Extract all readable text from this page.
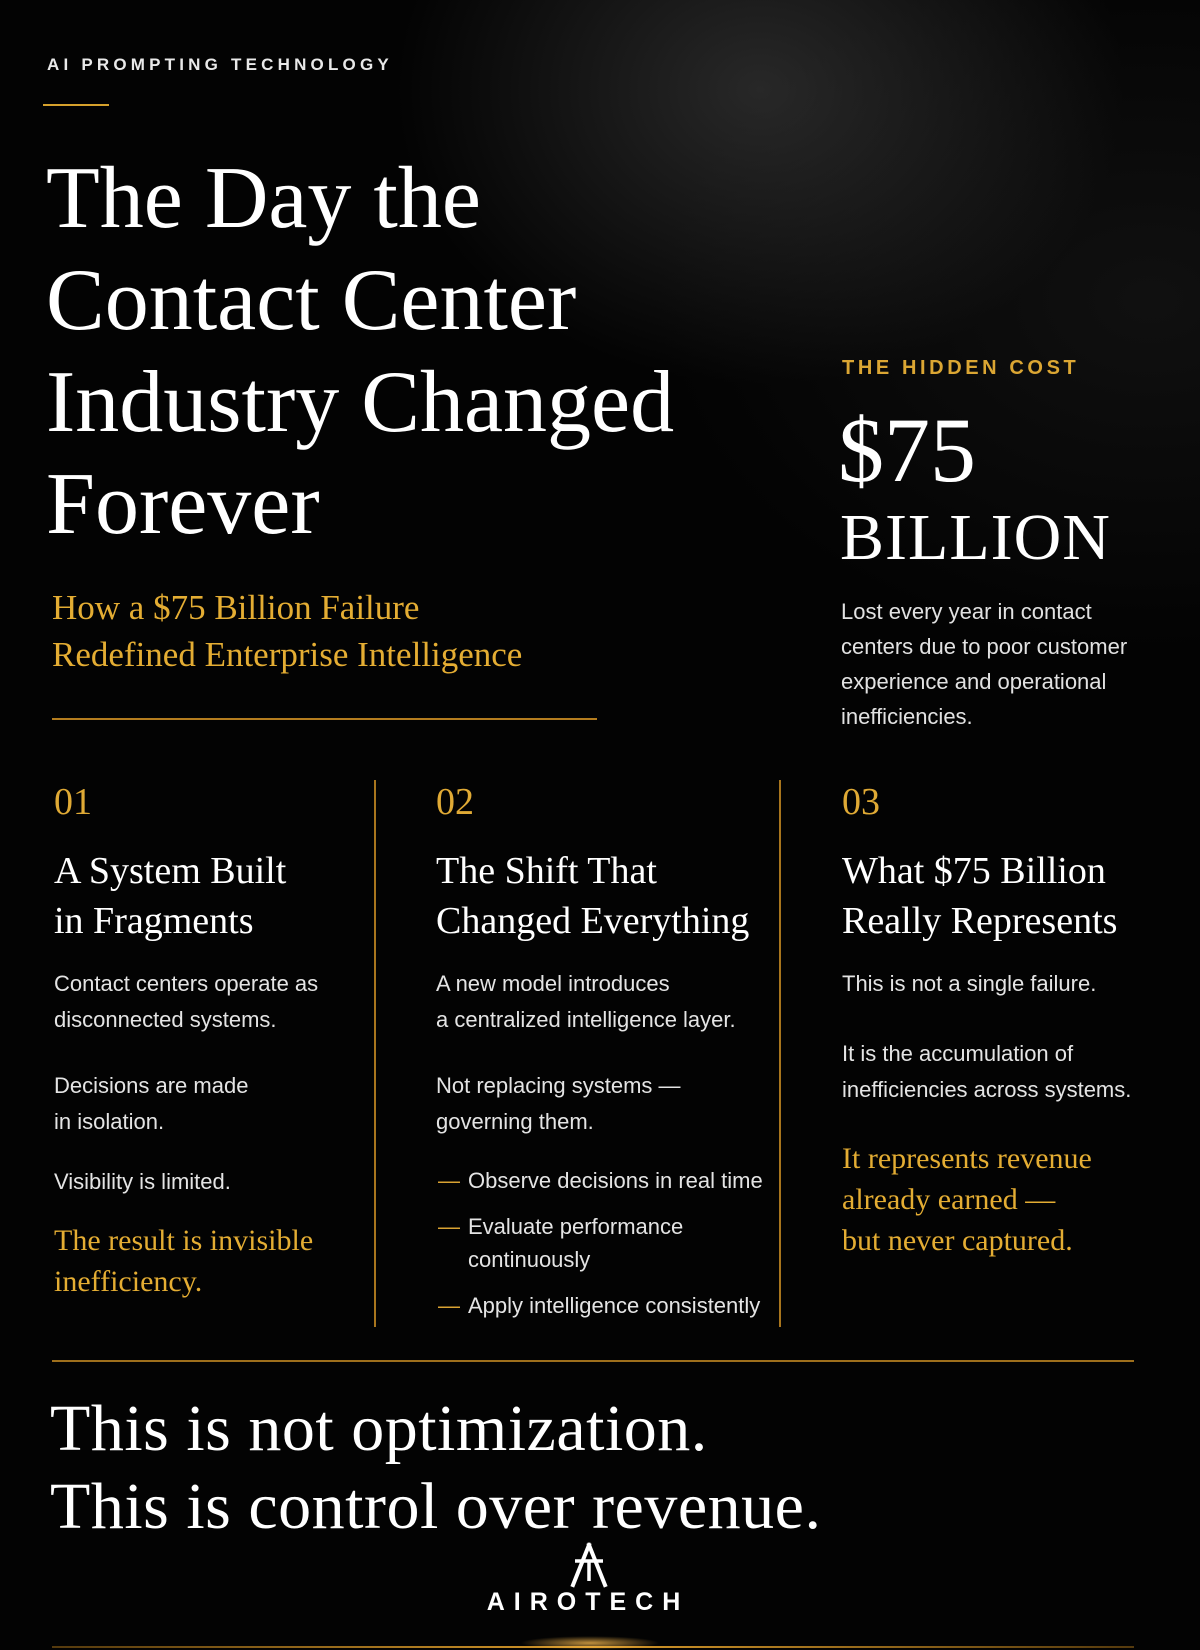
AI PROMPTING TECHNOLOGY
The Day the
Contact Center
Industry Changed
Forever
How a $75 Billion Failure
Redefined Enterprise Intelligence
THE HIDDEN COST
$75
BILLION
Lost every year in contact centers due to poor customer experience and operational inefficiencies.
01
A System Built
in Fragments
Contact centers operate as
disconnected systems.
Decisions are made
in isolation.
Visibility is limited.
The result is invisible
inefficiency.
02
The Shift That
Changed Everything
A new model introduces
a centralized intelligence layer.
Not replacing systems —
governing them.
— Observe decisions in real time
— Evaluate performance
continuously
— Apply intelligence consistently
03
What $75 Billion
Really Represents
This is not a single failure.
It is the accumulation of
inefficiencies across systems.
It represents revenue
already earned —
but never captured.
This is not optimization.
This is control over revenue.
AIROTECH
